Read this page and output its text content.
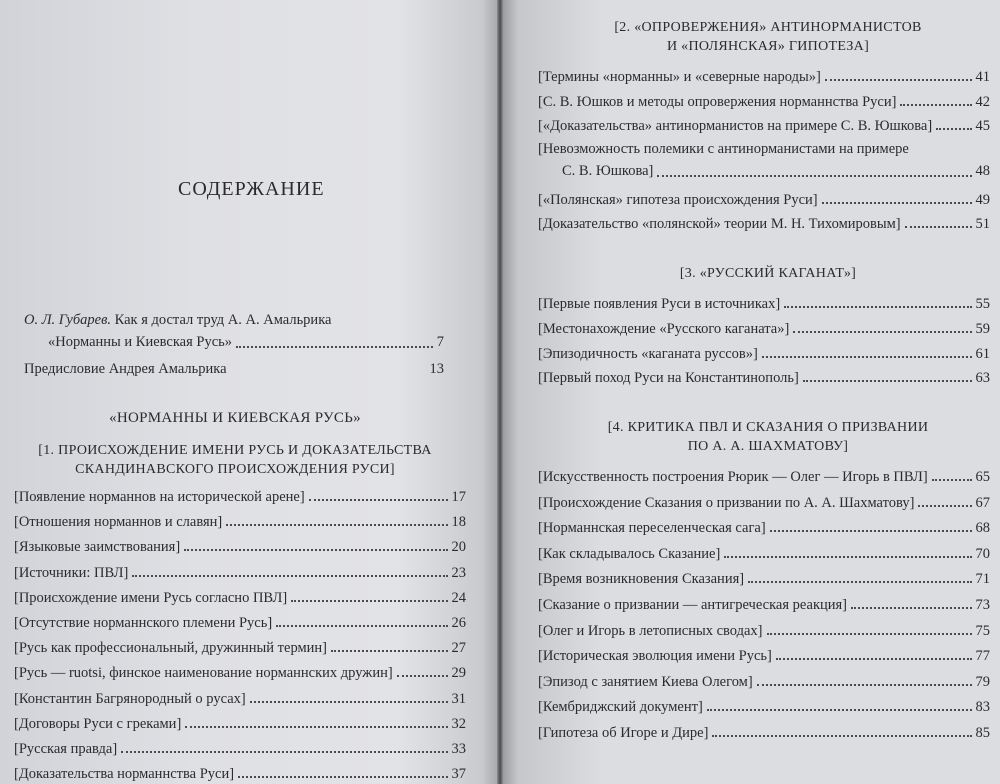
СОДЕРЖАНИЕ
О. Л. Губарев. Как я достал труд А. А. Амальрика
«Норманны и Киевская Русь»	7
Предисловие Андрея Амальрика	13
«НОРМАННЫ И КИЕВСКАЯ РУСЬ»
[1. ПРОИСХОЖДЕНИЕ ИМЕНИ РУСЬ И ДОКАЗАТЕЛЬСТВА
СКАНДИНАВСКОГО ПРОИСХОЖДЕНИЯ РУСИ]
[Появление норманнов на исторической арене]	17
[Отношения норманнов и славян]	18
[Языковые заимствования]	20
[Источники: ПВЛ]	23
[Происхождение имени Русь согласно ПВЛ]	24
[Отсутствие норманнского племени Русь]	26
[Русь как профессиональный, дружинный термин]	27
[Русь — ruotsi, финское наименование норманнских дружин]	29
[Константин Багрянородный о русах]	31
[Договоры Руси с греками]	32
[Русская правда]	33
[Доказательства норманнства Руси]	37
[2. «ОПРОВЕРЖЕНИЯ» АНТИНОРМАНИСТОВ
И «ПОЛЯНСКАЯ» ГИПОТЕЗА]
[Термины «норманны» и «северные народы»]	41
[С. В. Юшков и методы опровержения норманнства Руси]	42
[«Доказательства» антинорманистов на примере С. В. Юшкова]	45
[Невозможность полемики с антинорманистами на примере
С. В. Юшкова]	48
[«Полянская» гипотеза происхождения Руси]	49
[Доказательство «полянской» теории М. Н. Тихомировым]	51
[3. «РУССКИЙ КАГАНАТ»]
[Первые появления Руси в источниках]	55
[Местонахождение «Русского каганата»]	59
[Эпизодичность «каганата руссов»]	61
[Первый поход Руси на Константинополь]	63
[4. КРИТИКА ПВЛ И СКАЗАНИЯ О ПРИЗВАНИИ
ПО А. А. ШАХМАТОВУ]
[Искусственность построения Рюрик — Олег — Игорь в ПВЛ]	65
[Происхождение Сказания о призвании по А. А. Шахматову]	67
[Норманнская переселенческая сага]	68
[Как складывалось Сказание]	70
[Время возникновения Сказания]	71
[Сказание о призвании — антигреческая реакция]	73
[Олег и Игорь в летописных сводах]	75
[Историческая эволюция имени Русь]	77
[Эпизод с занятием Киева Олегом]	79
[Кембриджский документ]	83
[Гипотеза об Игоре и Дире]	85
